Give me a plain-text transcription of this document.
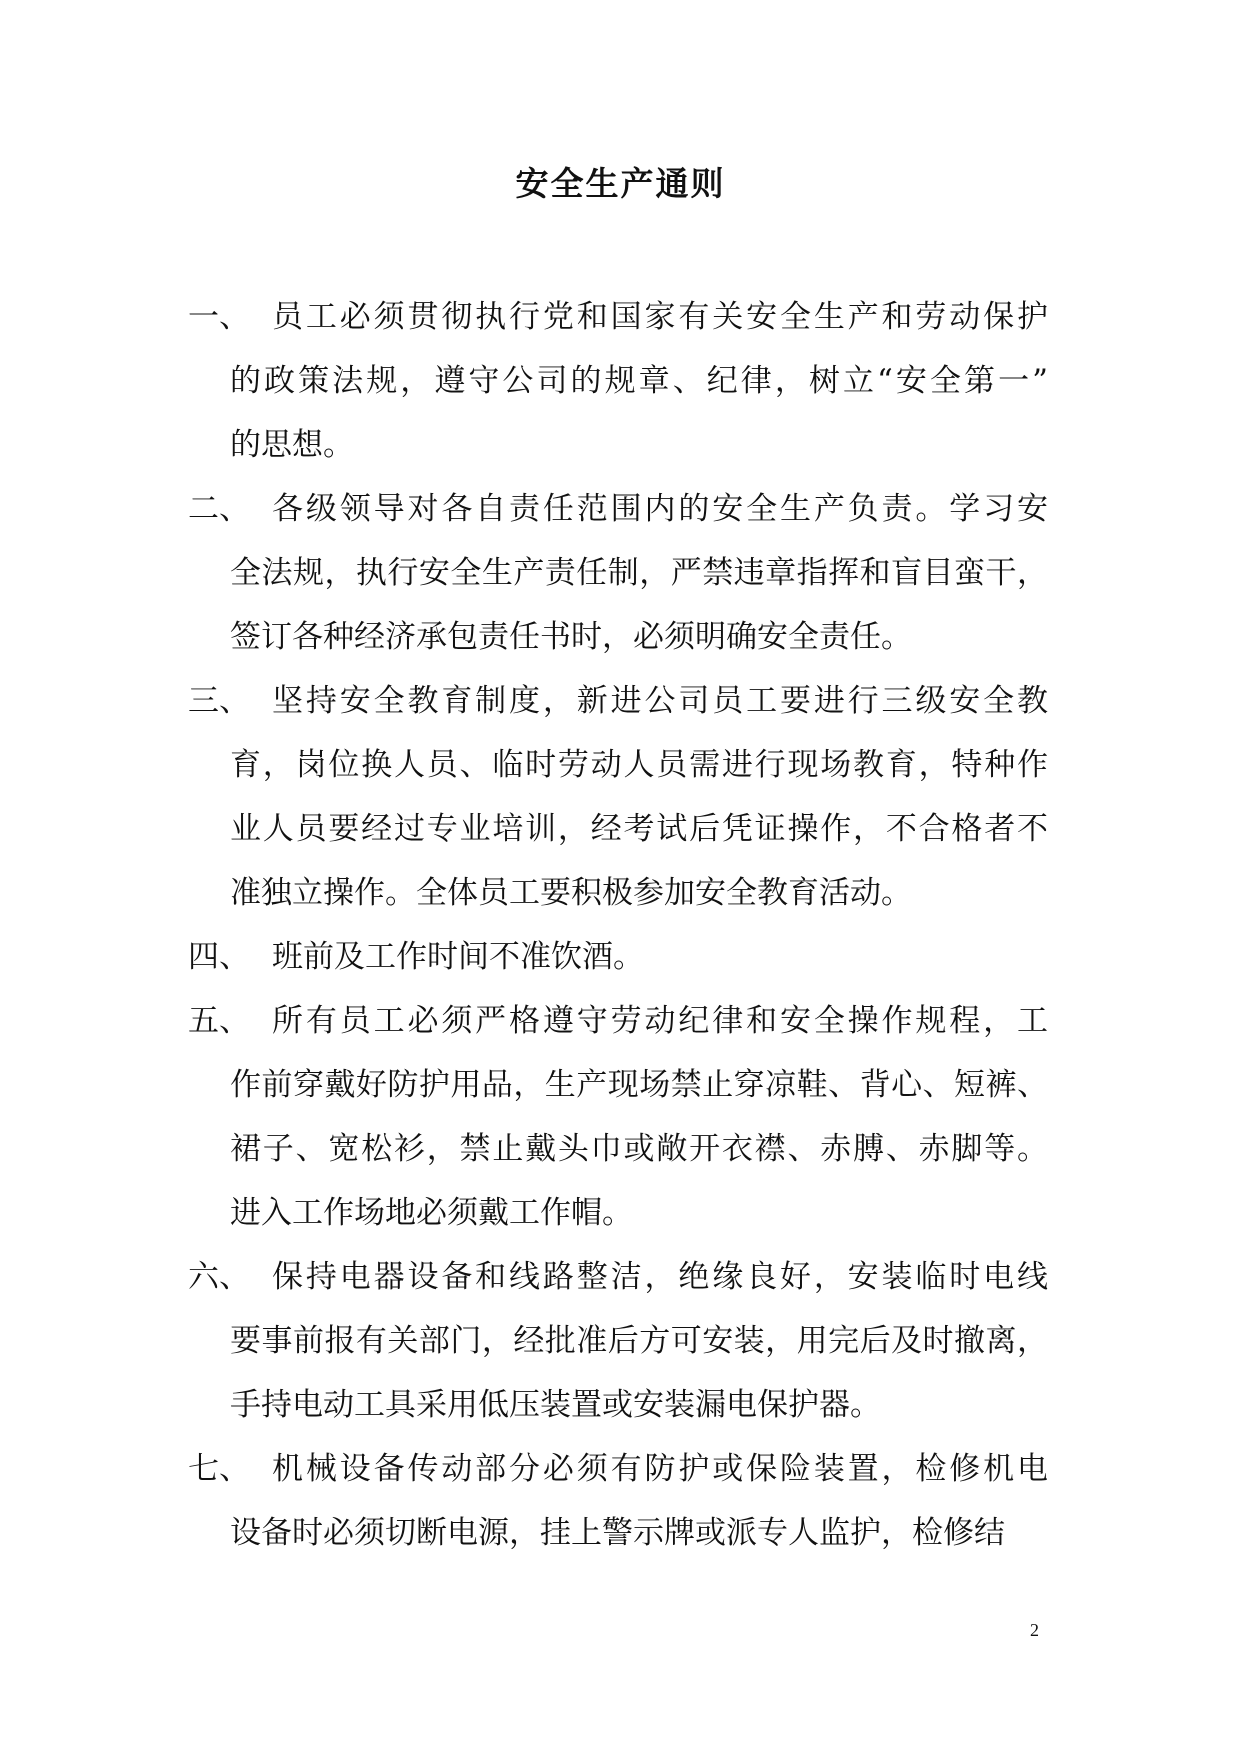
安全生产通则
一、 员工必须贯彻执行党和国家有关安全生产和劳动保护
的政策法规，遵守公司的规章、纪律，树立“安全第一”
的思想。
二、 各级领导对各自责任范围内的安全生产负责。学习安
全法规，执行安全生产责任制，严禁违章指挥和盲目蛮干，
签订各种经济承包责任书时，必须明确安全责任。
三、 坚持安全教育制度，新进公司员工要进行三级安全教
育，岗位换人员、临时劳动人员需进行现场教育，特种作
业人员要经过专业培训，经考试后凭证操作，不合格者不
准独立操作。全体员工要积极参加安全教育活动。
四、 班前及工作时间不准饮酒。
五、 所有员工必须严格遵守劳动纪律和安全操作规程，工
作前穿戴好防护用品，生产现场禁止穿凉鞋、背心、短裤、
裙子、宽松衫，禁止戴头巾或敞开衣襟、赤膊、赤脚等。
进入工作场地必须戴工作帽。
六、 保持电器设备和线路整洁，绝缘良好，安装临时电线
要事前报有关部门，经批准后方可安装，用完后及时撤离，
手持电动工具采用低压装置或安装漏电保护器。
七、 机械设备传动部分必须有防护或保险装置，检修机电
设备时必须切断电源，挂上警示牌或派专人监护，检修结
2
